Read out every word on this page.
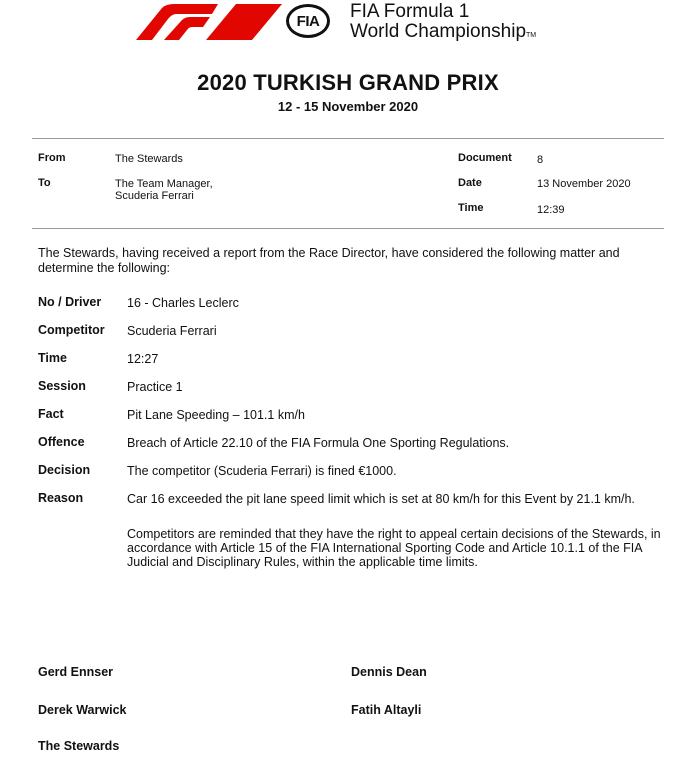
FIA	FIA Formula 1
World ChampionshipTM
2020 TURKISH GRAND PRIX
12 - 15 November 2020
From	The Stewards
To	The Team Manager,
Scuderia Ferrari
Document 8
Date	13 November 2020
Time	12:39
The Stewards, having received a report from the Race Director, have considered the following matter and determine the following:
No / Driver 16 - Charles Leclerc
Competitor Scuderia Ferrari
Time	12:27
Session	Practice 1
Fact	Pit Lane Speeding – 101.1 km/h
Offence	Breach of Article 22.10 of the FIA Formula One Sporting Regulations.
Decision	The competitor (Scuderia Ferrari) is fined €1000.
Reason	Car 16 exceeded the pit lane speed limit which is set at 80 km/h for this Event by 21.1 km/h.
Competitors are reminded that they have the right to appeal certain decisions of the Stewards, in accordance with Article 15 of the FIA International Sporting Code and Article 10.1.1 of the FIA Judicial and Disciplinary Rules, within the applicable time limits.
Gerd Ennser	Dennis Dean
Derek Warwick	Fatih Altayli
The Stewards
